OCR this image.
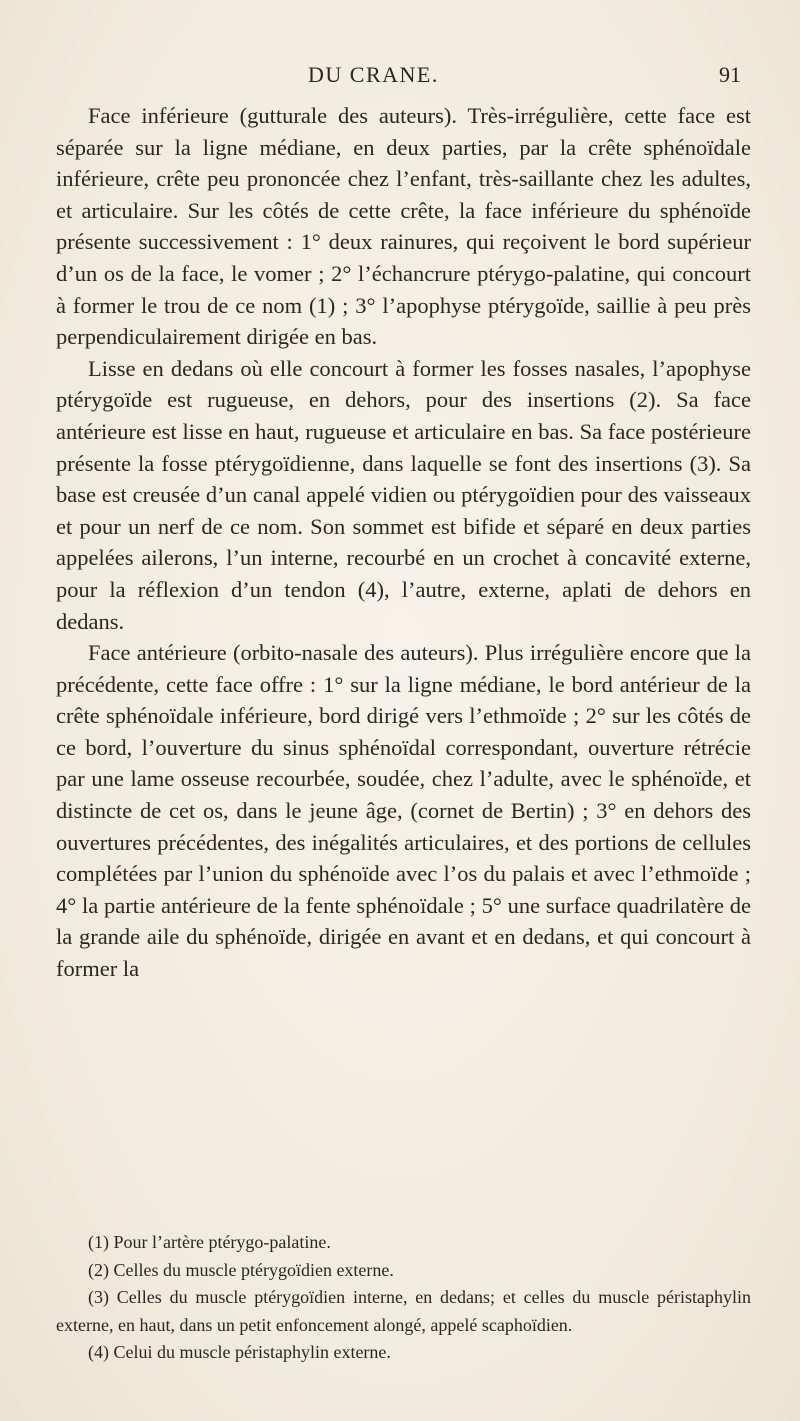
DU CRANE.	91

Face inférieure (gutturale des auteurs). Très-irrégulière, cette face est séparée sur la ligne médiane, en deux parties, par la crête sphénoïdale inférieure, crête peu prononcée chez l’enfant, très-saillante chez les adultes, et articulaire. Sur les côtés de cette crête, la face inférieure du sphénoïde présente successivement : 1° deux rainures, qui reçoivent le bord supérieur d’un os de la face, le vomer ; 2° l’échancrure ptérygo-palatine, qui concourt à former le trou de ce nom (1) ; 3° l’apophyse ptérygoïde, saillie à peu près perpendiculairement dirigée en bas.

Lisse en dedans où elle concourt à former les fosses nasales, l’apophyse ptérygoïde est rugueuse, en dehors, pour des insertions (2). Sa face antérieure est lisse en haut, rugueuse et articulaire en bas. Sa face postérieure présente la fosse ptérygoïdienne, dans laquelle se font des insertions (3). Sa base est creusée d’un canal appelé vidien ou ptérygoïdien pour des vaisseaux et pour un nerf de ce nom. Son sommet est bifide et séparé en deux parties appelées ailerons, l’un interne, recourbé en un crochet à concavité externe, pour la réflexion d’un tendon (4), l’autre, externe, aplati de dehors en dedans.

Face antérieure (orbito-nasale des auteurs). Plus irrégulière encore que la précédente, cette face offre : 1° sur la ligne médiane, le bord antérieur de la crête sphénoïdale inférieure, bord dirigé vers l’ethmoïde ; 2° sur les côtés de ce bord, l’ouverture du sinus sphénoïdal correspondant, ouverture rétrécie par une lame osseuse recourbée, soudée, chez l’adulte, avec le sphénoïde, et distincte de cet os, dans le jeune âge, (cornet de Bertin) ; 3° en dehors des ouvertures précédentes, des inégalités articulaires, et des portions de cellules complétées par l’union du sphénoïde avec l’os du palais et avec l’ethmoïde ; 4° la partie antérieure de la fente sphénoïdale ; 5° une surface quadrilatère de la grande aile du sphénoïde, dirigée en avant et en dedans, et qui concourt à former la

(1) Pour l’artère ptérygo-palatine.

(2) Celles du muscle ptérygoïdien externe.

(3) Celles du muscle ptérygoïdien interne, en dedans; et celles du muscle péristaphylin externe, en haut, dans un petit enfoncement alongé, appelé scaphoïdien.

(4) Celui du muscle péristaphylin externe.
